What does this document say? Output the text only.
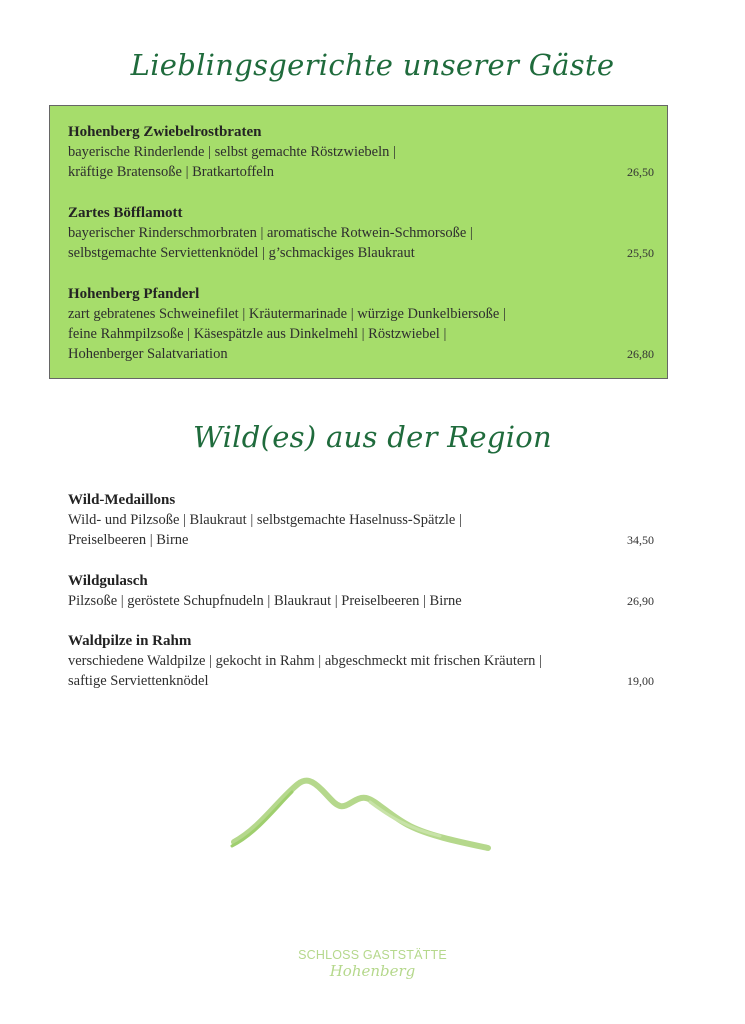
Lieblingsgerichte unserer Gäste
Hohenberg Zwiebelrostbraten
bayerische Rinderlende | selbst gemachte Röstzwiebeln |
kräftige Bratensoße | Bratkartoffeln	26,50
Zartes Böfflamott
bayerischer Rinderschmorbraten | aromatische Rotwein-Schmorsoße |
selbstgemachte Serviettenknödel | g’schmackiges Blaukraut	25,50
Hohenberg Pfanderl
zart gebratenes Schweinefilet | Kräutermarinade | würzige Dunkelbiersoße |
feine Rahmpilzsoße | Käsespätzle aus Dinkelmehl | Röstzwiebel |
Hohenberger Salatvariation	26,80
Wild(es) aus der Region
Wild-Medaillons
Wild- und Pilzsoße | Blaukraut | selbstgemachte Haselnuss-Spätzle |
Preiselbeeren | Birne	34,50
Wildgulasch
Pilzsoße | geröstete Schupfnudeln | Blaukraut | Preiselbeeren | Birne	26,90
Waldpilze in Rahm
verschiedene Waldpilze | gekocht in Rahm | abgeschmeckt mit frischen Kräutern |
saftige Serviettenknödel	19,00
SCHLOSS GASTSTÄTTE
Hohenberg
